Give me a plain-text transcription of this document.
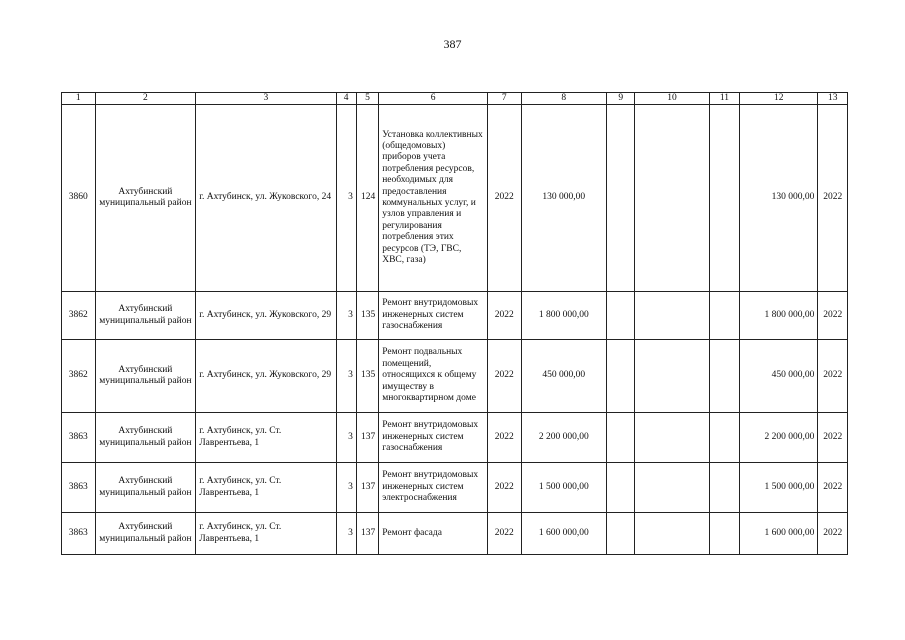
387
1	2	3	4	5	6	7	8	9	10	11	12	13
3860	Ахтубинский муниципальный район	г. Ахтубинск, ул. Жуковского, 24	3	124	Установка коллективных (общедомовых) приборов учета потребления ресурсов, необходимых для предоставления коммунальных услуг, и узлов управления и регулирования потребления этих ресурсов (ТЭ, ГВС, ХВС, газа)	2022	130 000,00				130 000,00	2022
3862	Ахтубинский муниципальный район	г. Ахтубинск, ул. Жуковского, 29	3	135	Ремонт внутридомовых инженерных систем газоснабжения	2022	1 800 000,00				1 800 000,00	2022
3862	Ахтубинский муниципальный район	г. Ахтубинск, ул. Жуковского, 29	3	135	Ремонт подвальных помещений, относящихся к общему имуществу в многоквартирном доме	2022	450 000,00				450 000,00	2022
3863	Ахтубинский муниципальный район	г. Ахтубинск, ул. Ст. Лаврентьева, 1	3	137	Ремонт внутридомовых инженерных систем газоснабжения	2022	2 200 000,00				2 200 000,00	2022
3863	Ахтубинский муниципальный район	г. Ахтубинск, ул. Ст. Лаврентьева, 1	3	137	Ремонт внутридомовых инженерных систем электроснабжения	2022	1 500 000,00				1 500 000,00	2022
3863	Ахтубинский муниципальный район	г. Ахтубинск, ул. Ст. Лаврентьева, 1	3	137	Ремонт фасада	2022	1 600 000,00				1 600 000,00	2022
